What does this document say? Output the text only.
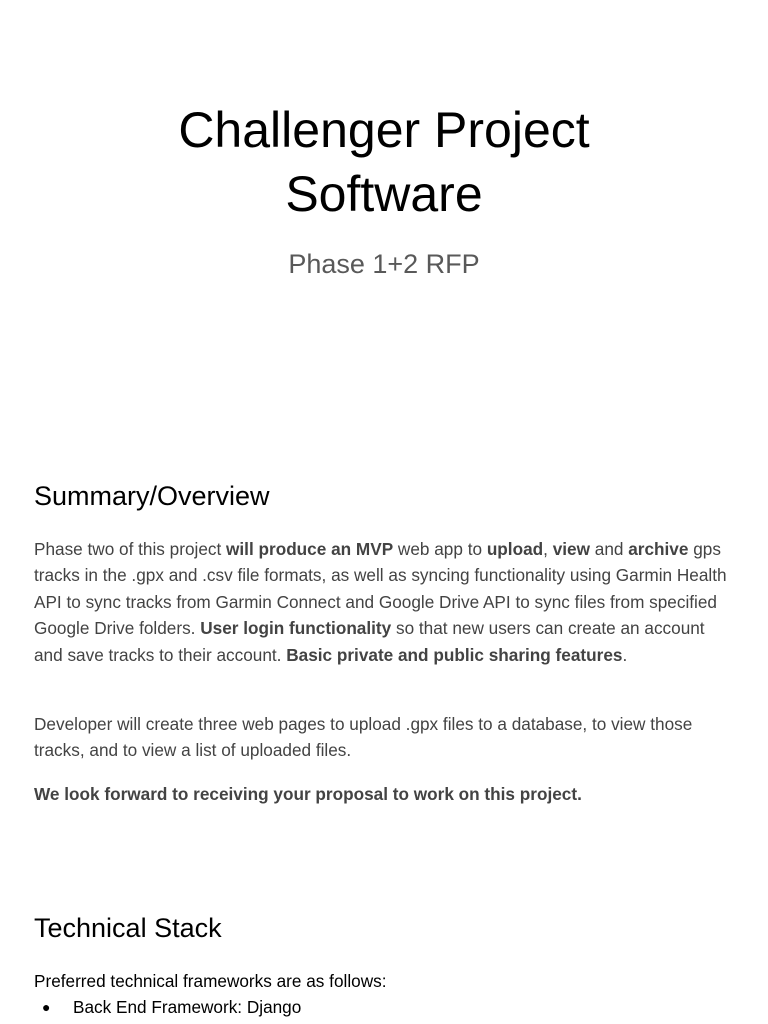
Challenger Project
Software

Phase 1+2 RFP

Summary/Overview

Phase two of this project will produce an MVP web app to upload, view and archive gps tracks in the .gpx and .csv file formats, as well as syncing functionality using Garmin Health API to sync tracks from Garmin Connect and Google Drive API to sync files from specified Google Drive folders. User login functionality so that new users can create an account and save tracks to their account. Basic private and public sharing features.

Developer will create three web pages to upload .gpx files to a database, to view those tracks, and to view a list of uploaded files.

We look forward to receiving your proposal to work on this project.

Technical Stack

Preferred technical frameworks are as follows:

● Back End Framework: Django
